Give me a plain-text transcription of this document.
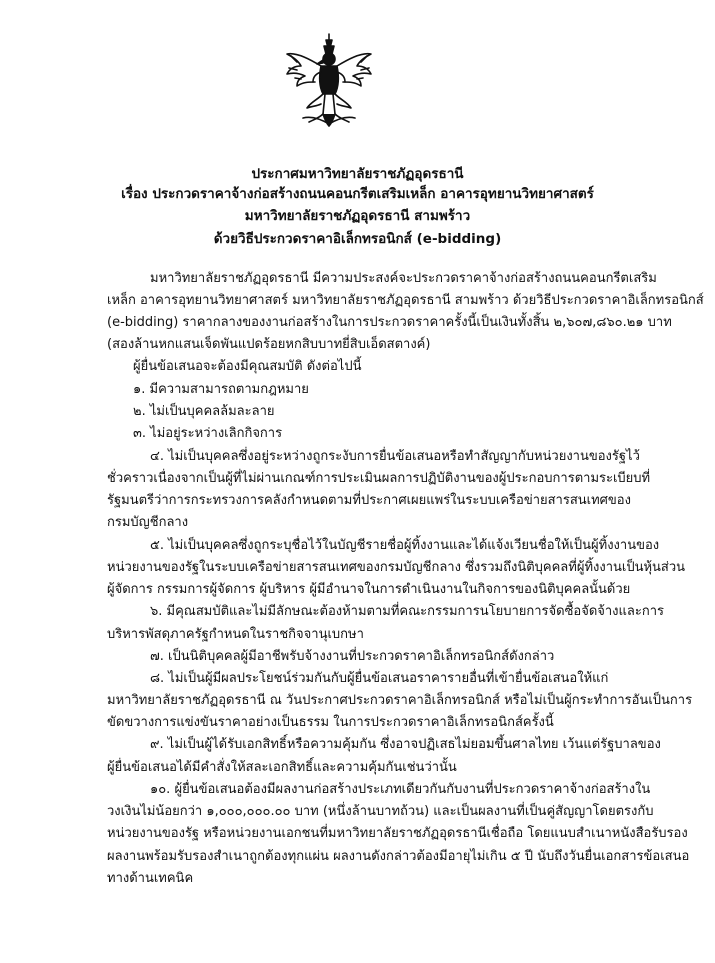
ประกาศมหาวิทยาลัยราชภัฏอุดรธานี
เรื่อง ประกวดราคาจ้างก่อสร้างถนนคอนกรีตเสริมเหล็ก อาคารอุทยานวิทยาศาสตร์
มหาวิทยาลัยราชภัฏอุดรธานี สามพร้าว
ด้วยวิธีประกวดราคาอิเล็กทรอนิกส์ (e-bidding)
มหาวิทยาลัยราชภัฏอุดรธานี มีความประสงค์จะประกวดราคาจ้างก่อสร้างถนนคอนกรีตเสริม
เหล็ก อาคารอุทยานวิทยาศาสตร์ มหาวิทยาลัยราชภัฏอุดรธานี สามพร้าว ด้วยวิธีประกวดราคาอิเล็กทรอนิกส์
(e-bidding) ราคากลางของงานก่อสร้างในการประกวดราคาครั้งนี้เป็นเงินทั้งสิ้น ๒,๖๐๗,๘๖๐.๒๑ บาท
(สองล้านหกแสนเจ็ดพันแปดร้อยหกสิบบาทยี่สิบเอ็ดสตางค์)
ผู้ยื่นข้อเสนอจะต้องมีคุณสมบัติ ดังต่อไปนี้
๑. มีความสามารถตามกฎหมาย
๒. ไม่เป็นบุคคลล้มละลาย
๓. ไม่อยู่ระหว่างเลิกกิจการ
๔. ไม่เป็นบุคคลซึ่งอยู่ระหว่างถูกระงับการยื่นข้อเสนอหรือทำสัญญากับหน่วยงานของรัฐไว้
ชั่วคราวเนื่องจากเป็นผู้ที่ไม่ผ่านเกณฑ์การประเมินผลการปฏิบัติงานของผู้ประกอบการตามระเบียบที่
รัฐมนตรีว่าการกระทรวงการคลังกำหนดตามที่ประกาศเผยแพร่ในระบบเครือข่ายสารสนเทศของ
กรมบัญชีกลาง
๕. ไม่เป็นบุคคลซึ่งถูกระบุชื่อไว้ในบัญชีรายชื่อผู้ทิ้งงานและได้แจ้งเวียนชื่อให้เป็นผู้ทิ้งงานของ
หน่วยงานของรัฐในระบบเครือข่ายสารสนเทศของกรมบัญชีกลาง ซึ่งรวมถึงนิติบุคคลที่ผู้ทิ้งงานเป็นหุ้นส่วน
ผู้จัดการ กรรมการผู้จัดการ ผู้บริหาร ผู้มีอำนาจในการดำเนินงานในกิจการของนิติบุคคลนั้นด้วย
๖. มีคุณสมบัติและไม่มีลักษณะต้องห้ามตามที่คณะกรรมการนโยบายการจัดซื้อจัดจ้างและการ
บริหารพัสดุภาครัฐกำหนดในราชกิจจานุเบกษา
๗. เป็นนิติบุคคลผู้มีอาชีพรับจ้างงานที่ประกวดราคาอิเล็กทรอนิกส์ดังกล่าว
๘. ไม่เป็นผู้มีผลประโยชน์ร่วมกันกับผู้ยื่นข้อเสนอราคารายอื่นที่เข้ายื่นข้อเสนอให้แก่
มหาวิทยาลัยราชภัฏอุดรธานี ณ วันประกาศประกวดราคาอิเล็กทรอนิกส์ หรือไม่เป็นผู้กระทำการอันเป็นการ
ขัดขวางการแข่งขันราคาอย่างเป็นธรรม ในการประกวดราคาอิเล็กทรอนิกส์ครั้งนี้
๙. ไม่เป็นผู้ได้รับเอกสิทธิ์หรือความคุ้มกัน ซึ่งอาจปฏิเสธไม่ยอมขึ้นศาลไทย เว้นแต่รัฐบาลของ
ผู้ยื่นข้อเสนอได้มีคำสั่งให้สละเอกสิทธิ์และความคุ้มกันเช่นว่านั้น
๑๐. ผู้ยื่นข้อเสนอต้องมีผลงานก่อสร้างประเภทเดียวกันกับงานที่ประกวดราคาจ้างก่อสร้างใน
วงเงินไม่น้อยกว่า ๑,๐๐๐,๐๐๐.๐๐ บาท (หนึ่งล้านบาทถ้วน) และเป็นผลงานที่เป็นคู่สัญญาโดยตรงกับ
หน่วยงานของรัฐ หรือหน่วยงานเอกชนที่มหาวิทยาลัยราชภัฏอุดรธานีเชื่อถือ โดยแนบสำเนาหนังสือรับรอง
ผลงานพร้อมรับรองสำเนาถูกต้องทุกแผ่น ผลงานดังกล่าวต้องมีอายุไม่เกิน ๕ ปี นับถึงวันยื่นเอกสารข้อเสนอ
ทางด้านเทคนิค
